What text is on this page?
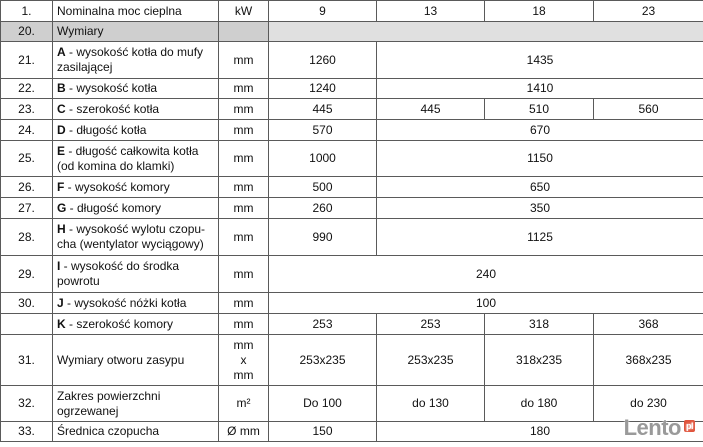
1.	Nominalna moc cieplna	kW	9	13	18	23
20.	Wymiary					
21.	A - wysokość kotła do mufy zasilającej	mm	1260	1435		
22.	B - wysokość kotła	mm	1240	1410		
23.	C - szerokość kotła	mm	445	445	510	560
24.	D - długość kotła	mm	570	670		
25.	E - długość całkowita kotła (od komina do klamki)	mm	1000	1150		
26.	F - wysokość komory	mm	500	650		
27.	G - długość komory	mm	260	350		
28.	H - wysokość wylotu czopu-cha (wentylator wyciągowy)	mm	990	1125		
29.	I - wysokość do środka powrotu	mm	240			
30.	J - wysokość nóżki kotła	mm	100			
	K - szerokość komory	mm	253	253	318	368
31.	Wymiary otworu zasypu	mm x mm	253x235	253x235	318x235	368x235
32.	Zakres powierzchni ogrzewanej	m²	Do 100	do 130	do 180	do 230
33.	Średnica czopucha	Ø mm	150	180			Lento pl
